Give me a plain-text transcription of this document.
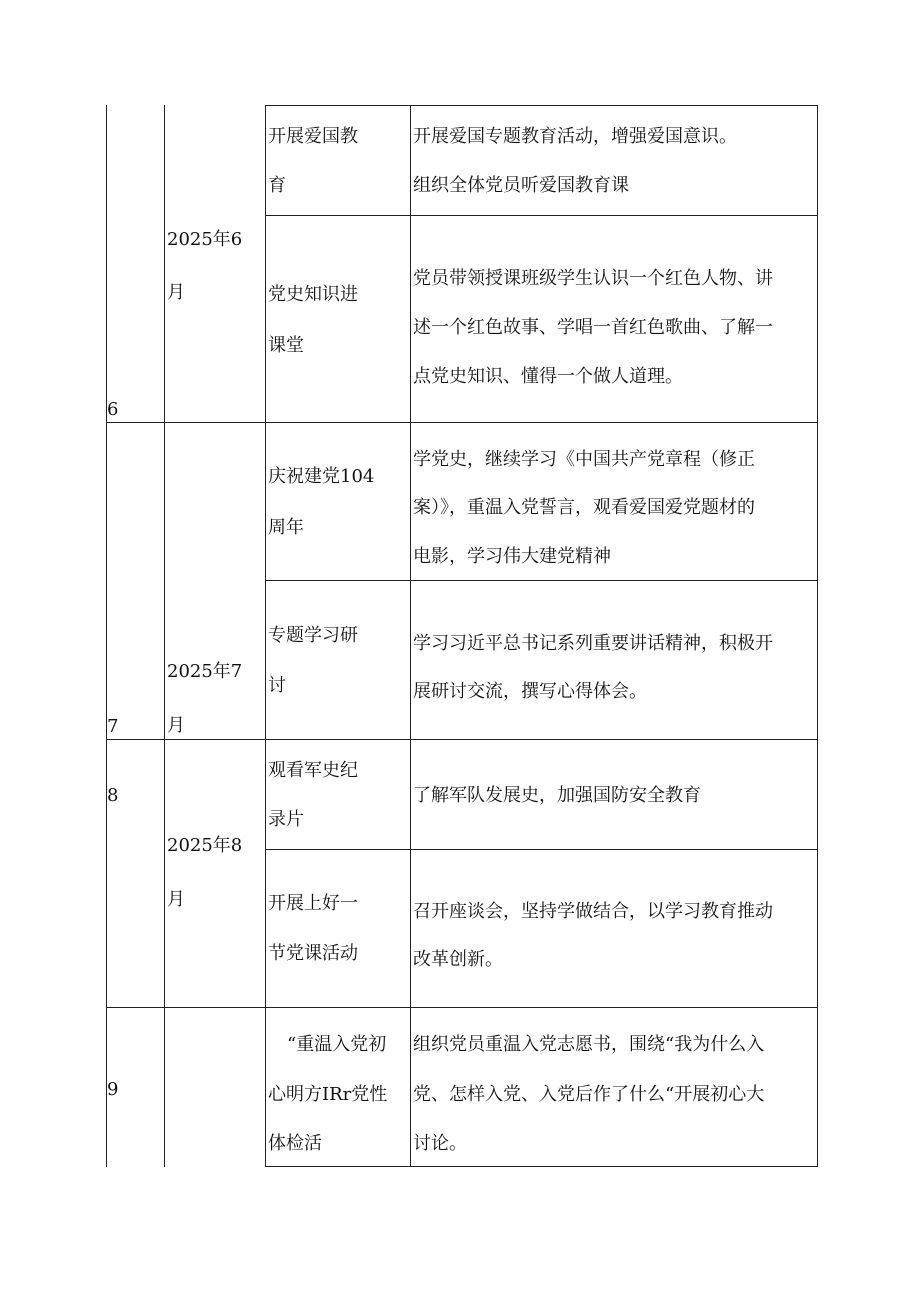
6
2025年6
月
开展爱国教
育
开展爱国专题教育活动，增强爱国意识。
组织全体党员听爱国教育课
党史知识进
课堂
党员带领授课班级学生认识一个红色人物、讲
述一个红色故事、学唱一首红色歌曲、了解一
点党史知识、懂得一个做人道理。
7
2025年7
月
庆祝建党104
周年
学党史，继续学习《中国共产党章程（修正
案）》，重温入党誓言，观看爱国爱党题材的
电影，学习伟大建党精神
专题学习研
讨
学习习近平总书记系列重要讲话精神，积极开
展研讨交流，撰写心得体会。
8
2025年8
月
观看军史纪
录片
了解军队发展史，加强国防安全教育
开展上好一
节党课活动
召开座谈会，坚持学做结合，以学习教育推动
改革创新。
9
“重温入党初
心明方IRr党性
体检活
组织党员重温入党志愿书，围绕“我为什么入
党、怎样入党、入党后作了什么“开展初心大
讨论。
